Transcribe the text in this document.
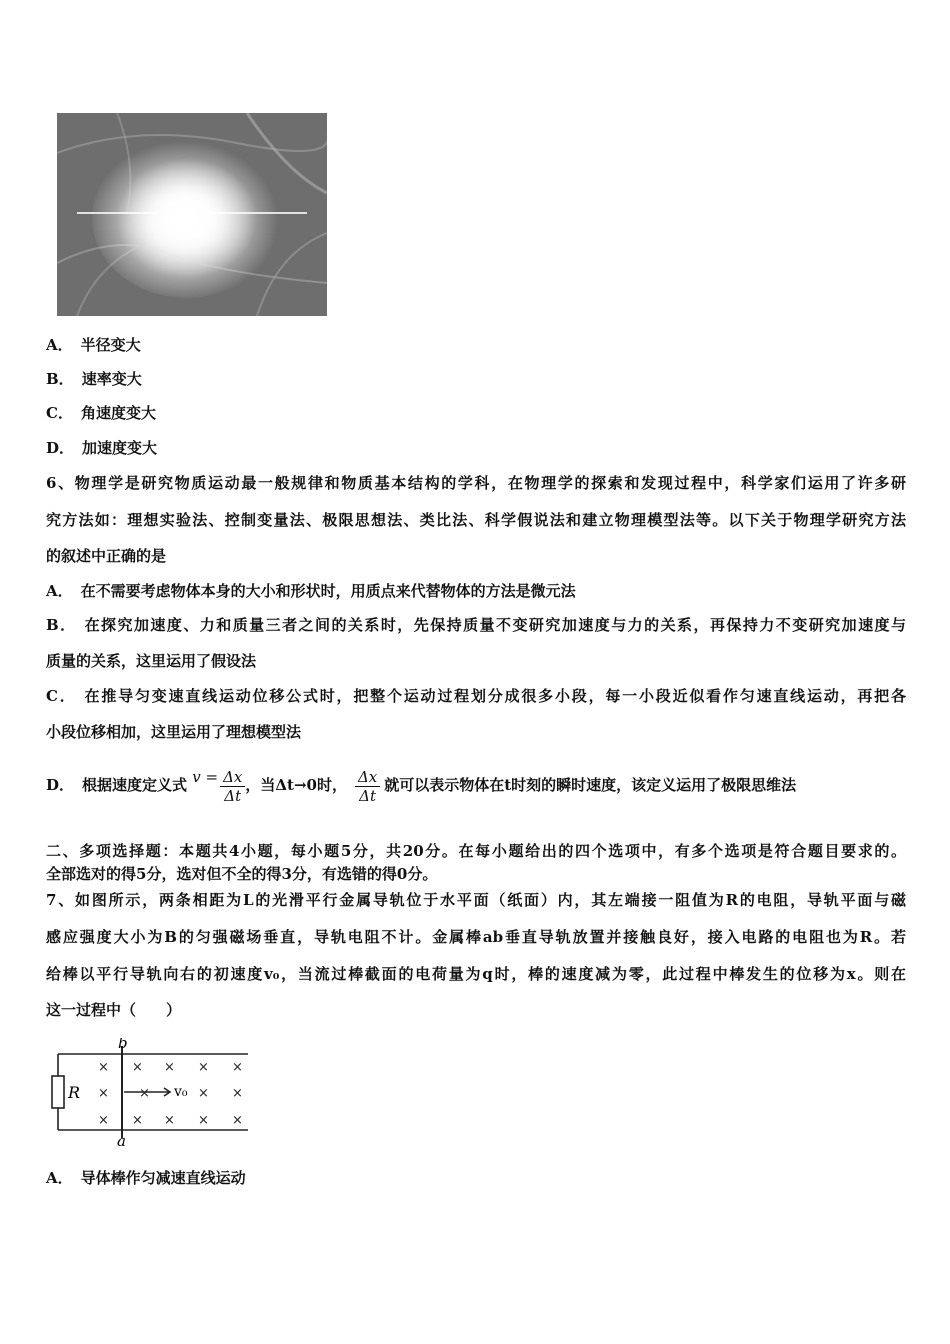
A． 半径变大
B． 速率变大
C． 角速度变大
D． 加速度变大
6、物理学是研究物质运动最一般规律和物质基本结构的学科，在物理学的探索和发现过程中，科学家们运用了许多研
究方法如：理想实验法、控制变量法、极限思想法、类比法、科学假说法和建立物理模型法等。以下关于物理学研究方法
的叙述中正确的是
A． 在不需要考虑物体本身的大小和形状时，用质点来代替物体的方法是微元法
B． 在探究加速度、力和质量三者之间的关系时，先保持质量不变研究加速度与力的关系，再保持力不变研究加速度与
质量的关系，这里运用了假设法
C． 在推导匀变速直线运动位移公式时，把整个运动过程划分成很多小段，每一小段近似看作匀速直线运动，再把各
小段位移相加，这里运用了理想模型法
D． 根据速度定义式 $v = \frac{\Delta x}{\Delta t}$ ，当Δt→0时， $\frac{\Delta x}{\Delta t}$ 就可以表示物体在t时刻的瞬时速度，该定义运用了极限思维法
二、多项选择题：本题共4小题，每小题5分，共20分。在每小题给出的四个选项中，有多个选项是符合题目要求的。
全部选对的得5分，选对但不全的得3分，有选错的得0分。
7、如图所示，两条相距为L的光滑平行金属导轨位于水平面（纸面）内，其左端接一阻值为R的电阻，导轨平面与磁
感应强度大小为B的匀强磁场垂直，导轨电阻不计。金属棒ab垂直导轨放置并接触良好，接入电路的电阻也为R。若
给棒以平行导轨向右的初速度v₀，当流过棒截面的电荷量为q时，棒的速度减为零，此过程中棒发生的位移为x。则在
这一过程中（　　）
R
b
a
v₀
× × × × ×
× ×	× ×
× × × × ×
A． 导体棒作匀减速直线运动
